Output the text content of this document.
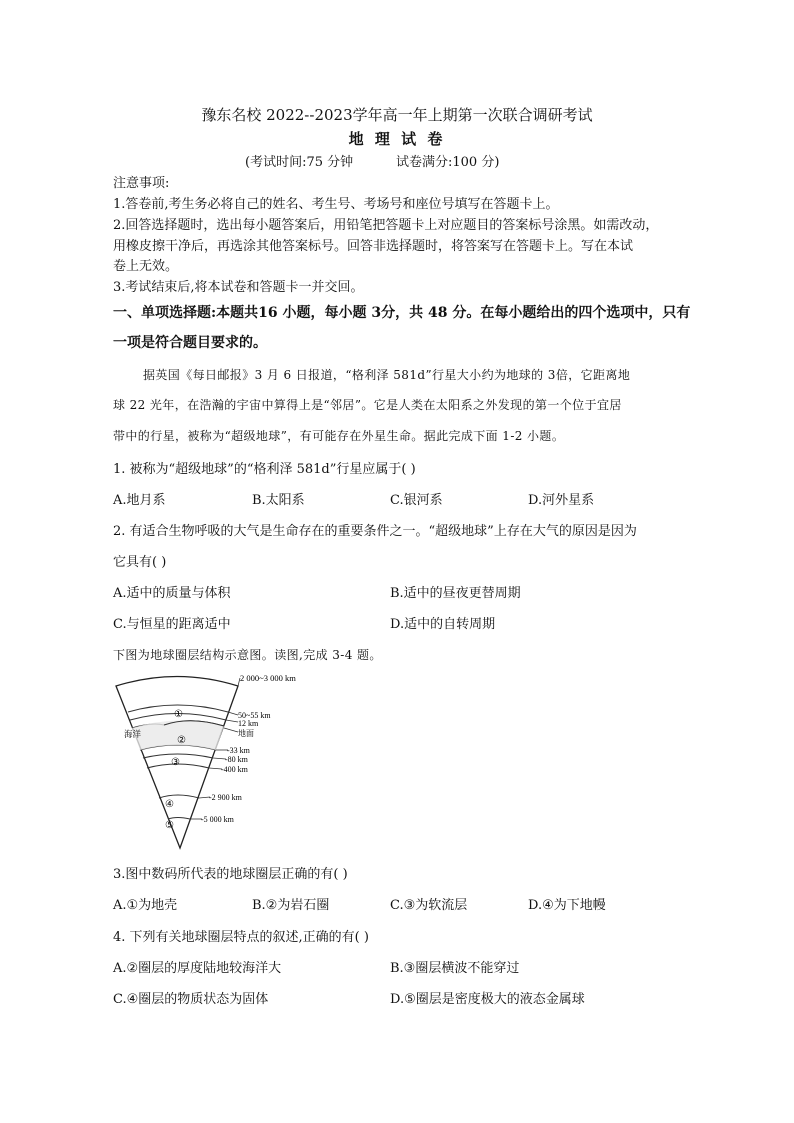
豫东名校 2022--2023学年高一年上期第一次联合调研考试
地 理 试 卷
(考试时间:75 分钟	试卷满分:100 分)
注意事项:
1.答卷前,考生务必将自己的姓名、考生号、考场号和座位号填写在答题卡上。
2.回答选择题时，选出每小题答案后，用铅笔把答题卡上对应题目的答案标号涂黑。如需改动，
用橡皮擦干净后，再选涂其他答案标号。回答非选择题时，将答案写在答题卡上。写在本试
卷上无效。
3.考试结束后,将本试卷和答题卡一并交回。
一、单项选择题:本题共16 小题，每小题 3分，共 48 分。在每小题给出的四个选项中，只有
一项是符合题目要求的。
据英国《每日邮报》3 月 6 日报道，“格利泽 581d”行星大小约为地球的 3倍，它距离地
球 22 光年，在浩瀚的宇宙中算得上是“邻居”。它是人类在太阳系之外发现的第一个位于宜居
带中的行星，被称为“超级地球”，有可能存在外星生命。据此完成下面 1-2 小题。
1. 被称为“超级地球”的“格利泽 581d”行星应属于( )
A.地月系	B.太阳系	C.银河系	D.河外星系
2. 有适合生物呼吸的大气是生命存在的重要条件之一。“超级地球”上存在大气的原因是因为
它具有( )
A.适中的质量与体积	B.适中的昼夜更替周期
C.与恒星的距离适中	D.适中的自转周期
下图为地球圈层结构示意图。读图,完成 3-4 题。
2 000~3 000 km
50~55 km
12 km
地面
-33 km
-80 km
-400 km
-2 900 km
-5 000 km
海洋
①
②
③
④
⑤
3.图中数码所代表的地球圈层正确的有( )
A.①为地壳	B.②为岩石圈	C.③为软流层	D.④为下地幔
4. 下列有关地球圈层特点的叙述,正确的有( )
A.②圈层的厚度陆地较海洋大	B.③圈层横波不能穿过
C.④圈层的物质状态为固体	D.⑤圈层是密度极大的液态金属球
